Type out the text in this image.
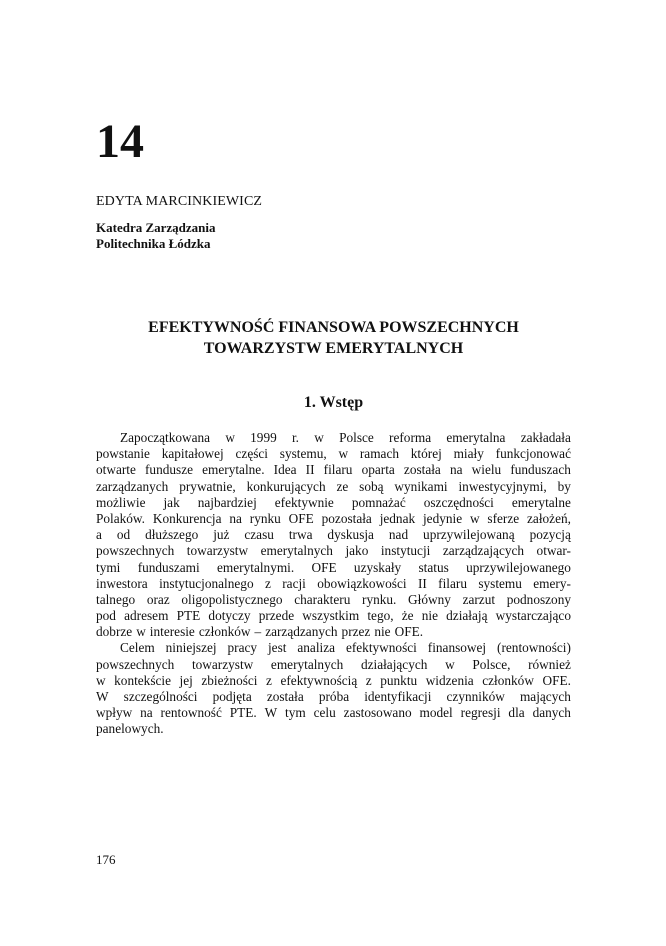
14

EDYTA MARCINKIEWICZ

Katedra Zarządzania
Politechnika Łódzka
EFEKTYWNOŚĆ FINANSOWA POWSZECHNYCH
TOWARZYSTW EMERYTALNYCH
1. Wstęp
Zapoczątkowana w 1999 r. w Polsce reforma emerytalna zakładała
powstanie kapitałowej części systemu, w ramach której miały funkcjonować
otwarte fundusze emerytalne. Idea II filaru oparta została na wielu funduszach
zarządzanych prywatnie, konkurujących ze sobą wynikami inwestycyjnymi, by
możliwie jak najbardziej efektywnie pomnażać oszczędności emerytalne
Polaków. Konkurencja na rynku OFE pozostała jednak jedynie w sferze założeń,
a od dłuższego już czasu trwa dyskusja nad uprzywilejowaną pozycją
powszechnych towarzystw emerytalnych jako instytucji zarządzających otwar-
tymi funduszami emerytalnymi. OFE uzyskały status uprzywilejowanego
inwestora instytucjonalnego z racji obowiązkowości II filaru systemu emery-
talnego oraz oligopolistycznego charakteru rynku. Główny zarzut podnoszony
pod adresem PTE dotyczy przede wszystkim tego, że nie działają wystarczająco
dobrze w interesie członków – zarządzanych przez nie OFE.
Celem niniejszej pracy jest analiza efektywności finansowej (rentowności)
powszechnych towarzystw emerytalnych działających w Polsce, również
w kontekście jej zbieżności z efektywnością z punktu widzenia członków OFE.
W szczególności podjęta została próba identyfikacji czynników mających
wpływ na rentowność PTE. W tym celu zastosowano model regresji dla danych
panelowych.
176
